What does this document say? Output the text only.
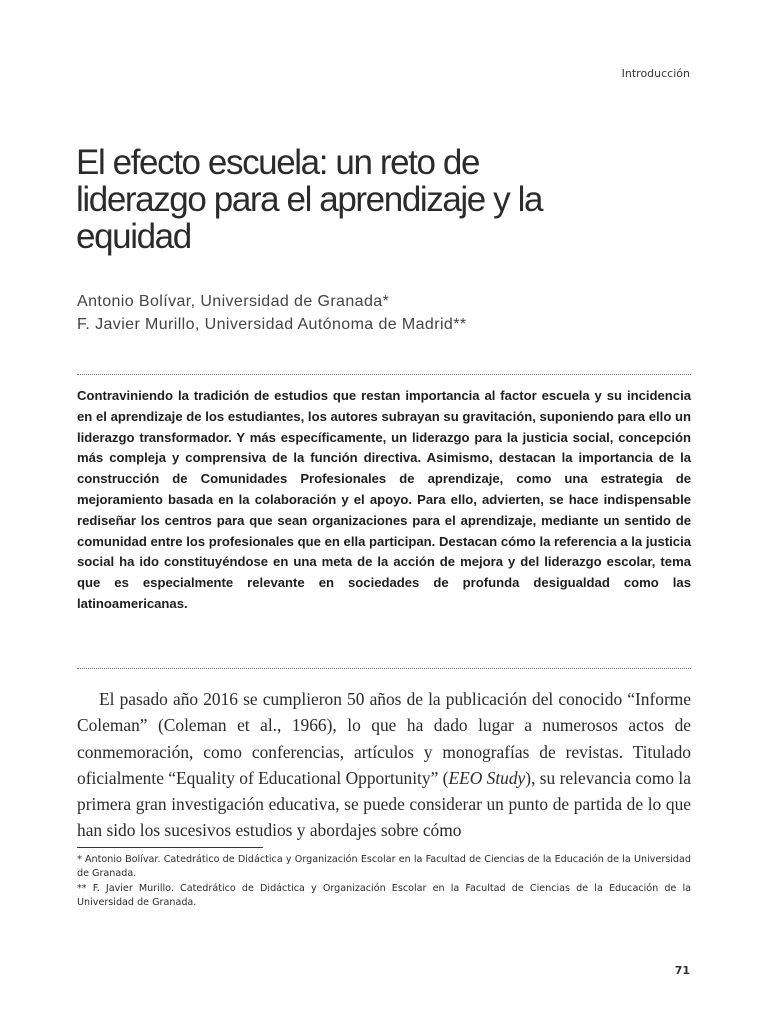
Introducción
El efecto escuela: un reto de
liderazgo para el aprendizaje y la
equidad
Antonio Bolívar, Universidad de Granada*
F. Javier Murillo, Universidad Autónoma de Madrid**

Contraviniendo la tradición de estudios que restan importancia al factor escuela y su incidencia en el aprendizaje de los estudiantes, los autores subrayan su gravitación, suponiendo para ello un liderazgo transformador. Y más específicamente, un liderazgo para la justicia social, concepción más compleja y comprensiva de la función directiva. Asimismo, destacan la importancia de la construcción de Comunidades Profesionales de aprendizaje, como una estrategia de mejoramiento basada en la colaboración y el apoyo. Para ello, advierten, se hace indispensable rediseñar los centros para que sean organizaciones para el aprendizaje, mediante un sentido de comunidad entre los profesionales que en ella participan. Destacan cómo la referencia a la justicia social ha ido constituyéndose en una meta de la acción de mejora y del liderazgo escolar, tema que es especialmente relevante en sociedades de profunda desigualdad como las latinoamericanas.

El pasado año 2016 se cumplieron 50 años de la publicación del conocido “Informe Coleman” (Coleman et al., 1966), lo que ha dado lugar a numerosos actos de conmemoración, como conferencias, artículos y monografías de revistas. Titulado oficialmente “Equality of Educational Opportunity” (EEO Study), su relevancia como la primera gran investigación educativa, se puede considerar un punto de partida de lo que han sido los sucesivos estudios y abordajes sobre cómo

* Antonio Bolívar. Catedrático de Didáctica y Organización Escolar en la Facultad de Ciencias de la Educación de la Universidad de Granada.

** F. Javier Murillo. Catedrático de Didáctica y Organización Escolar en la Facultad de Ciencias de la Educación de la Universidad de Granada.

71
